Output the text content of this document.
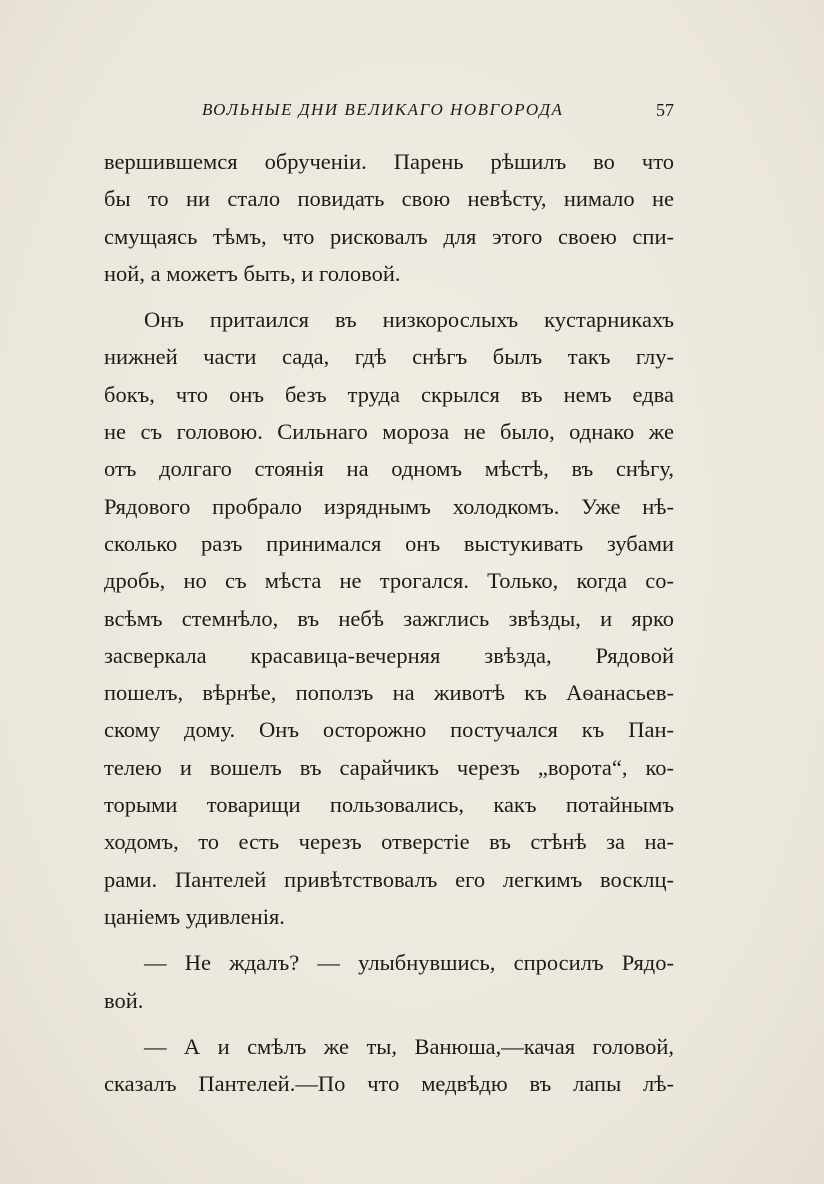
ВОЛЬНЫЕ ДНИ ВЕЛИКАГО НОВГОРОДА	57
вершившемся обрученіи. Парень рѣшилъ во что
бы то ни стало повидать свою невѣсту, нимало не
смущаясь тѣмъ, что рисковалъ для этого своею спи-
ной, а можетъ быть, и головой.
Онъ притаился въ низкорослыхъ кустарникахъ
нижней части сада, гдѣ снѣгъ былъ такъ глу-
бокъ, что онъ безъ труда скрылся въ немъ едва
не съ головою. Сильнаго мороза не было, однако же
отъ долгаго стоянія на одномъ мѣстѣ, въ снѣгу,
Рядового пробрало изряднымъ холодкомъ. Уже нѣ-
сколько разъ принимался онъ выстукивать зубами
дробь, но съ мѣста не трогался. Только, когда со-
всѣмъ стемнѣло, въ небѣ зажглись звѣзды, и ярко
засверкала красавица-вечерняя звѣзда, Рядовой
пошелъ, вѣрнѣе, поползъ на животѣ къ Аѳанасьев-
скому дому. Онъ осторожно постучался къ Пан-
телею и вошелъ въ сарайчикъ черезъ „ворота“, ко-
торыми товарищи пользовались, какъ потайнымъ
ходомъ, то есть черезъ отверстіе въ стѣнѣ за на-
рами. Пантелей привѣтствовалъ его легкимъ восклц-
цаніемъ удивленія.
— Не ждалъ? — улыбнувшись, спросилъ Рядо-
вой.
— А и смѣлъ же ты, Ванюша,—качая головой,
сказалъ Пантелей.—По что медвѣдю въ лапы лѣ-
